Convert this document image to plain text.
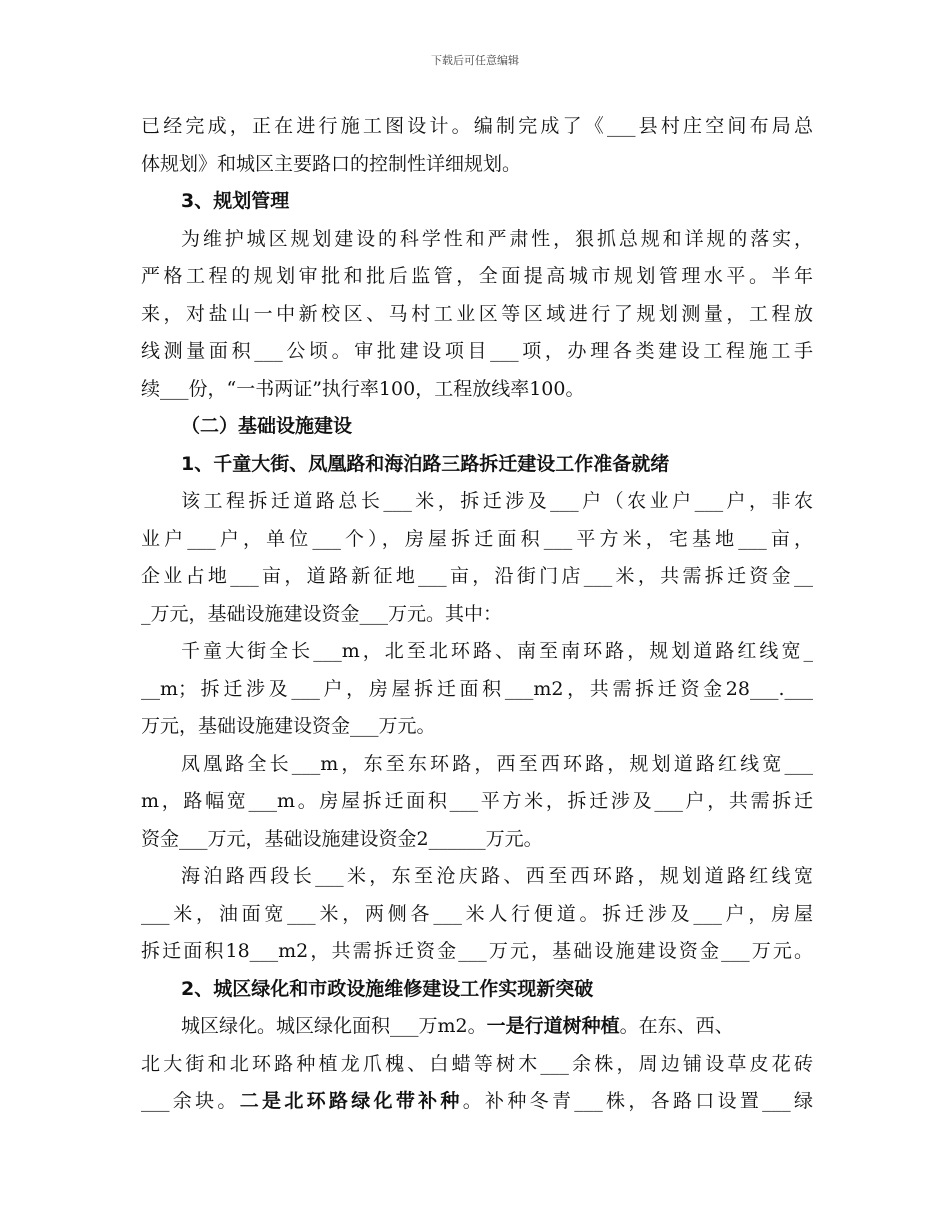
下载后可任意编辑
已经完成，正在进行施工图设计。编制完成了《___县村庄空间布局总
体规划》和城区主要路口的控制性详细规划。
3、规划管理
为维护城区规划建设的科学性和严肃性，狠抓总规和详规的落实，
严格工程的规划审批和批后监管，全面提高城市规划管理水平。半年
来，对盐山一中新校区、马村工业区等区域进行了规划测量，工程放
线测量面积___公顷。审批建设项目___项，办理各类建设工程施工手
续___份，“一书两证”执行率100，工程放线率100。
（二）基础设施建设
1、千童大街、凤凰路和海泊路三路拆迁建设工作准备就绪
该工程拆迁道路总长___米，拆迁涉及___户（农业户___户，非农
业户___户，单位___个），房屋拆迁面积___平方米，宅基地___亩，
企业占地___亩，道路新征地___亩，沿街门店___米，共需拆迁资金__
_万元，基础设施建设资金___万元。其中：
千童大街全长___m，北至北环路、南至南环路，规划道路红线宽_
__m；拆迁涉及___户，房屋拆迁面积___m2，共需拆迁资金28___.___
万元，基础设施建设资金___万元。
凤凰路全长___m，东至东环路，西至西环路，规划道路红线宽___
m，路幅宽___m。房屋拆迁面积___平方米，拆迁涉及___户，共需拆迁
资金___万元，基础设施建设资金2______万元。
海泊路西段长___米，东至沧庆路、西至西环路，规划道路红线宽
___米，油面宽___米，两侧各___米人行便道。拆迁涉及___户，房屋
拆迁面积18___m2，共需拆迁资金___万元，基础设施建设资金___万元。
2、城区绿化和市政设施维修建设工作实现新突破
城区绿化。城区绿化面积___万m2。一是行道树种植。在东、西、
北大街和北环路种植龙爪槐、白蜡等树木___余株，周边铺设草皮花砖
___余块。二是北环路绿化带补种。补种冬青___株，各路口设置___绿
